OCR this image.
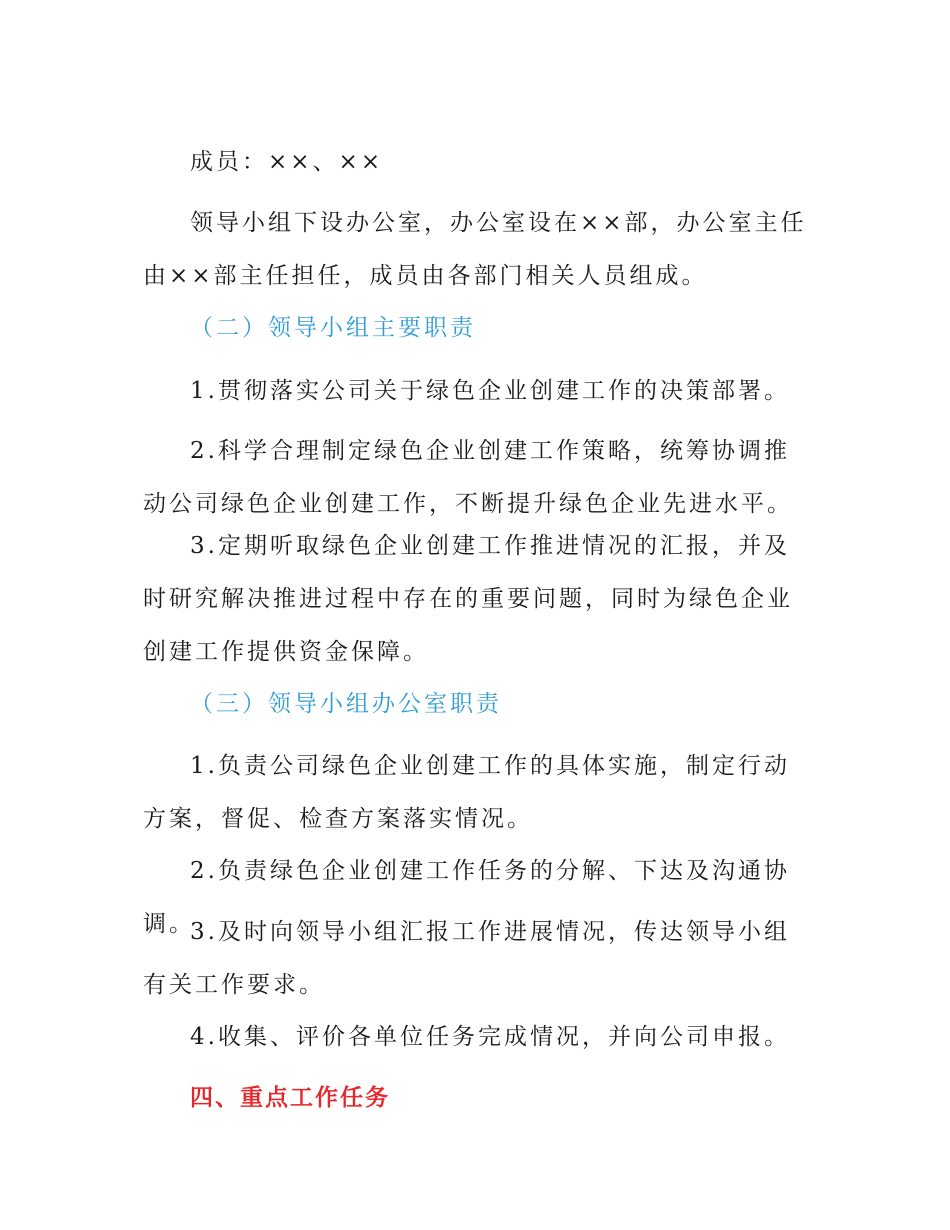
成员：××、××

领导小组下设办公室，办公室设在××部，办公室主任由××部主任担任，成员由各部门相关人员组成。

（二）领导小组主要职责

1.贯彻落实公司关于绿色企业创建工作的决策部署。

2.科学合理制定绿色企业创建工作策略，统筹协调推动公司绿色企业创建工作，不断提升绿色企业先进水平。

3.定期听取绿色企业创建工作推进情况的汇报，并及时研究解决推进过程中存在的重要问题，同时为绿色企业创建工作提供资金保障。

（三）领导小组办公室职责

1.负责公司绿色企业创建工作的具体实施，制定行动方案，督促、检查方案落实情况。

2.负责绿色企业创建工作任务的分解、下达及沟通协调。

3.及时向领导小组汇报工作进展情况，传达领导小组有关工作要求。

4.收集、评价各单位任务完成情况，并向公司申报。

四、重点工作任务
